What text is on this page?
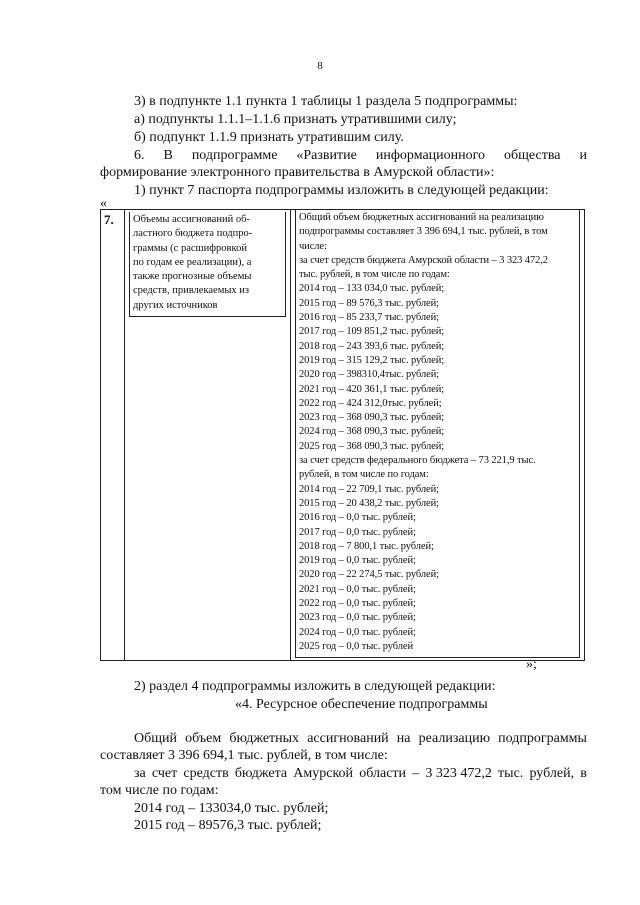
8
3) в подпункте 1.1 пункта 1 таблицы 1 раздела 5 подпрограммы:
а) подпункты 1.1.1–1.1.6 признать утратившими силу;
б) подпункт 1.1.9 признать утратившим силу.
6. В подпрограмме «Развитие информационного общества и
формирование электронного правительства в Амурской области»:
1) пункт 7 паспорта подпрограммы изложить в следующей редакции:
«
7.	Объемы ассигнований об-
ластного бюджета подпро-
граммы (с расшифровкой
по годам ее реализации), а
также прогнозные объемы
средств, привлекаемых из
других источников

Общий объем бюджетных ассигнований на реализацию
подпрограммы составляет 3 396 694,1 тыс. рублей, в том
числе:
за счет средств бюджета Амурской области – 3 323 472,2
тыс. рублей, в том числе по годам:
2014 год – 133 034,0 тыс. рублей;
2015 год – 89 576,3 тыс. рублей;
2016 год – 85 233,7 тыс. рублей;
2017 год – 109 851,2 тыс. рублей;
2018 год – 243 393,6 тыс. рублей;
2019 год – 315 129,2 тыс. рублей;
2020 год – 398310,4тыс. рублей;
2021 год – 420 361,1 тыс. рублей;
2022 год – 424 312,0тыс. рублей;
2023 год – 368 090,3 тыс. рублей;
2024 год – 368 090,3 тыс. рублей;
2025 год – 368 090,3 тыс. рублей;
за счет средств федерального бюджета – 73 221,9 тыс.
рублей, в том числе по годам:
2014 год – 22 709,1 тыс. рублей;
2015 год – 20 438,2 тыс. рублей;
2016 год – 0,0 тыс. рублей;
2017 год – 0,0 тыс. рублей;
2018 год – 7 800,1 тыс. рублей;
2019 год – 0,0 тыс. рублей;
2020 год – 22 274,5 тыс. рублей;
2021 год – 0,0 тыс. рублей;
2022 год – 0,0 тыс. рублей;
2023 год – 0,0 тыс. рублей;
2024 год – 0,0 тыс. рублей;
2025 год – 0,0 тыс. рублей
»;
2) раздел 4 подпрограммы изложить в следующей редакции:
«4. Ресурсное обеспечение подпрограммы
Общий объем бюджетных ассигнований на реализацию подпрограммы
составляет 3 396 694,1 тыс. рублей, в том числе:
за счет средств бюджета Амурской области – 3 323 472,2 тыс. рублей, в
том числе по годам:
2014 год – 133034,0 тыс. рублей;
2015 год – 89576,3 тыс. рублей;
